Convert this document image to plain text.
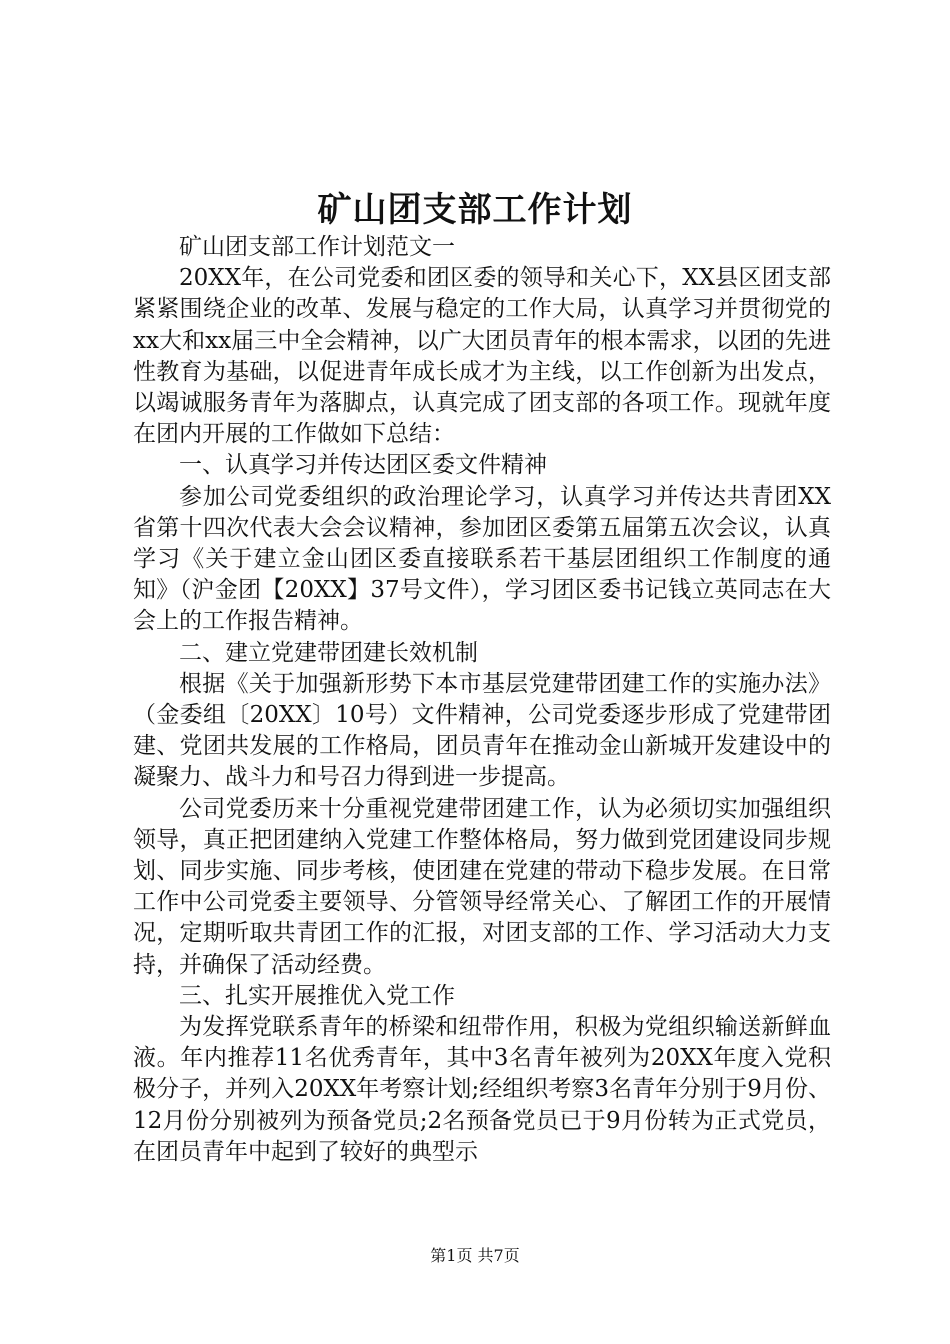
矿山团支部工作计划

矿山团支部工作计划范文一

20XX年，在公司党委和团区委的领导和关心下，XX县区团支部紧紧围绕企业的改革、发展与稳定的工作大局，认真学习并贯彻党的xx大和xx届三中全会精神，以广大团员青年的根本需求，以团的先进性教育为基础，以促进青年成长成才为主线，以工作创新为出发点，以竭诚服务青年为落脚点，认真完成了团支部的各项工作。现就年度在团内开展的工作做如下总结：

一、认真学习并传达团区委文件精神

参加公司党委组织的政治理论学习，认真学习并传达共青团XX省第十四次代表大会会议精神，参加团区委第五届第五次会议，认真学习《关于建立金山团区委直接联系若干基层团组织工作制度的通知》（沪金团【20XX】37号文件），学习团区委书记钱立英同志在大会上的工作报告精神。

二、建立党建带团建长效机制

根据《关于加强新形势下本市基层党建带团建工作的实施办法》（金委组〔20XX〕10号）文件精神，公司党委逐步形成了党建带团建、党团共发展的工作格局，团员青年在推动金山新城开发建设中的凝聚力、战斗力和号召力得到进一步提高。

公司党委历来十分重视党建带团建工作，认为必须切实加强组织领导，真正把团建纳入党建工作整体格局，努力做到党团建设同步规划、同步实施、同步考核，使团建在党建的带动下稳步发展。在日常工作中公司党委主要领导、分管领导经常关心、了解团工作的开展情况，定期听取共青团工作的汇报，对团支部的工作、学习活动大力支持，并确保了活动经费。

三、扎实开展推优入党工作

为发挥党联系青年的桥梁和纽带作用，积极为党组织输送新鲜血液。年内推荐11名优秀青年，其中3名青年被列为20XX年度入党积极分子，并列入20XX年考察计划;经组织考察3名青年分别于9月份、12月份分别被列为预备党员;2名预备党员已于9月份转为正式党员，在团员青年中起到了较好的典型示

第1页 共7页
